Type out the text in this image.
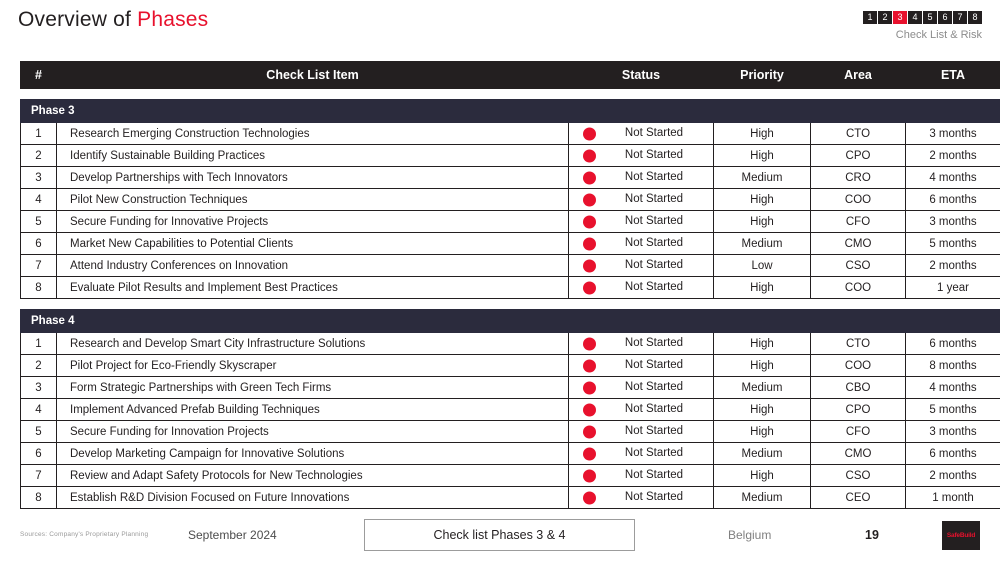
Overview of Phases	1	2	3	4	5	6	7	8
Check List & Risk
#	Check List Item	Status	Priority	Area	ETA

Phase 3					
1	Research Emerging Construction Technologies	Not Started	High	CTO	3 months
2	Identify Sustainable Building Practices	Not Started	High	CPO	2 months
3	Develop Partnerships with Tech Innovators	Not Started	Medium	CRO	4 months
4	Pilot New Construction Techniques	Not Started	High	COO	6 months
5	Secure Funding for Innovative Projects	Not Started	High	CFO	3 months
6	Market New Capabilities to Potential Clients	Not Started	Medium	CMO	5 months
7	Attend Industry Conferences on Innovation	Not Started	Low	CSO	2 months
8	Evaluate Pilot Results and Implement Best Practices	Not Started	High	COO	1 year

Phase 4					
1	Research and Develop Smart City Infrastructure Solutions	Not Started	High	CTO	6 months
2	Pilot Project for Eco-Friendly Skyscraper	Not Started	High	COO	8 months
3	Form Strategic Partnerships with Green Tech Firms	Not Started	Medium	CBO	4 months
4	Implement Advanced Prefab Building Techniques	Not Started	High	CPO	5 months
5	Secure Funding for Innovation Projects	Not Started	High	CFO	3 months
6	Develop Marketing Campaign for Innovative Solutions	Not Started	Medium	CMO	6 months
7	Review and Adapt Safety Protocols for New Technologies	Not Started	High	CSO	2 months
8	Establish R&D Division Focused on Future Innovations	Not Started	Medium	CEO	1 month
Sources: Company's Proprietary Planning	September 2024	Check list Phases 3 & 4	Belgium	19	SafeBuild
